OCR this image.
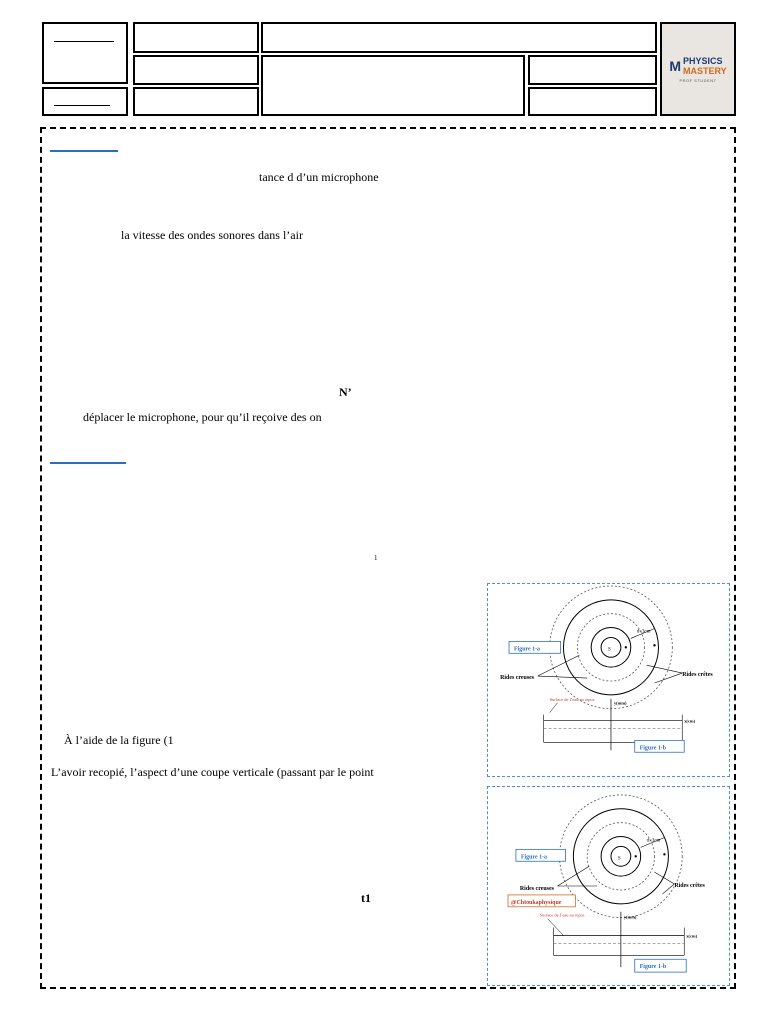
M PHYSICS
MASTERY
PROF STUDENT
tance d d’un microphone
la vitesse des ondes sonores dans l’air
N’
déplacer le microphone, pour qu’il reçoive des on
1
À l’aide de la figure (1
L’avoir recopié, l’aspect d’une coupe verticale (passant par le point
t1
S
d=3cm
Figure 1-a
Rides creuses	Rides crêtes
Surface de l’eau au repos
y(mm)
x(cm)
Figure 1-b
S
d=3cm
Figure 1-a
Rides creuses	Rides crêtes
@Chtoukaphysique
Surface de l’eau au repos	y(mm)
x(cm)
Figure 1-b
